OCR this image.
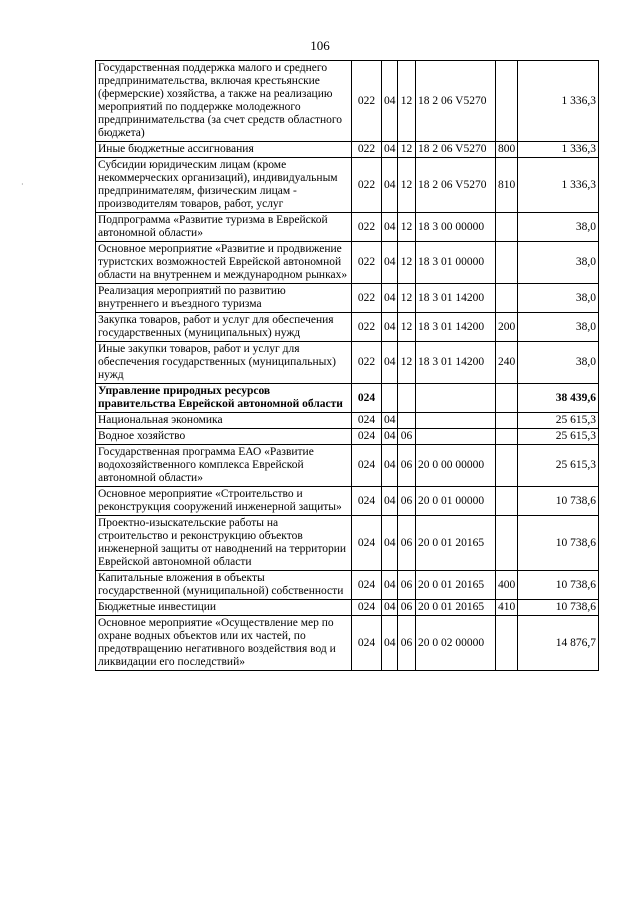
106
·
Государственная поддержка малого и среднего предпринимательства, включая крестьянские (фермерские) хозяйства, а также на реализацию мероприятий по поддержке молодежного предпринимательства (за счет средств областного бюджета)	022	04	12	18 2 06 V5270		1 336,3
Иные бюджетные ассигнования	022	04	12	18 2 06 V5270	800	1 336,3
Субсидии юридическим лицам (кроме некоммерческих организаций), индивидуальным предпринимателям, физическим лицам - производителям товаров, работ, услуг	022	04	12	18 2 06 V5270	810	1 336,3
Подпрограмма «Развитие туризма в Еврейской автономной области»	022	04	12	18 3 00 00000		38,0
Основное мероприятие «Развитие и продвижение туристских возможностей Еврейской автономной области на внутреннем и международном рынках»	022	04	12	18 3 01 00000		38,0
Реализация мероприятий по развитию внутреннего и въездного туризма	022	04	12	18 3 01 14200		38,0
Закупка товаров, работ и услуг для обеспечения государственных (муниципальных) нужд	022	04	12	18 3 01 14200	200	38,0
Иные закупки товаров, работ и услуг для обеспечения государственных (муниципальных) нужд	022	04	12	18 3 01 14200	240	38,0
Управление природных ресурсов правительства Еврейской автономной области	024					38 439,6
Национальная экономика	024	04				25 615,3
Водное хозяйство	024	04	06			25 615,3
Государственная программа ЕАО «Развитие водохозяйственного комплекса Еврейской автономной области»	024	04	06	20 0 00 00000		25 615,3
Основное мероприятие «Строительство и реконструкция сооружений инженерной защиты»	024	04	06	20 0 01 00000		10 738,6
Проектно-изыскательские работы на строительство и реконструкцию объектов инженерной защиты от наводнений на территории Еврейской автономной области	024	04	06	20 0 01 20165		10 738,6
Капитальные вложения в объекты государственной (муниципальной) собственности	024	04	06	20 0 01 20165	400	10 738,6
Бюджетные инвестиции	024	04	06	20 0 01 20165	410	10 738,6
Основное мероприятие «Осуществление мер по охране водных объектов или их частей, по предотвращению негативного воздействия вод и ликвидации его последствий»	024	04	06	20 0 02 00000		14 876,7
